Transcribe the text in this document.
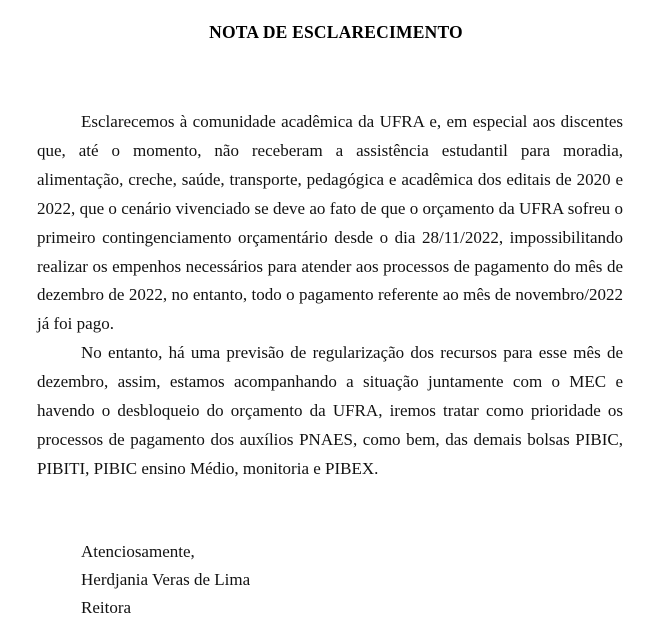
NOTA DE ESCLARECIMENTO

Esclarecemos à comunidade acadêmica da UFRA e, em especial aos discentes que, até o momento, não receberam a assistência estudantil para moradia, alimentação, creche, saúde, transporte, pedagógica e acadêmica dos editais de 2020 e 2022, que o cenário vivenciado se deve ao fato de que o orçamento da UFRA sofreu o primeiro contingenciamento orçamentário desde o dia 28/11/2022, impossibilitando realizar os empenhos necessários para atender aos processos de pagamento do mês de dezembro de 2022, no entanto, todo o pagamento referente ao mês de novembro/2022 já foi pago.

No entanto, há uma previsão de regularização dos recursos para esse mês de dezembro, assim, estamos acompanhando a situação juntamente com o MEC e havendo o desbloqueio do orçamento da UFRA, iremos tratar como prioridade os processos de pagamento dos auxílios PNAES, como bem, das demais bolsas PIBIC, PIBITI, PIBIC ensino Médio, monitoria e PIBEX.

Atenciosamente,
Herdjania Veras de Lima
Reitora
